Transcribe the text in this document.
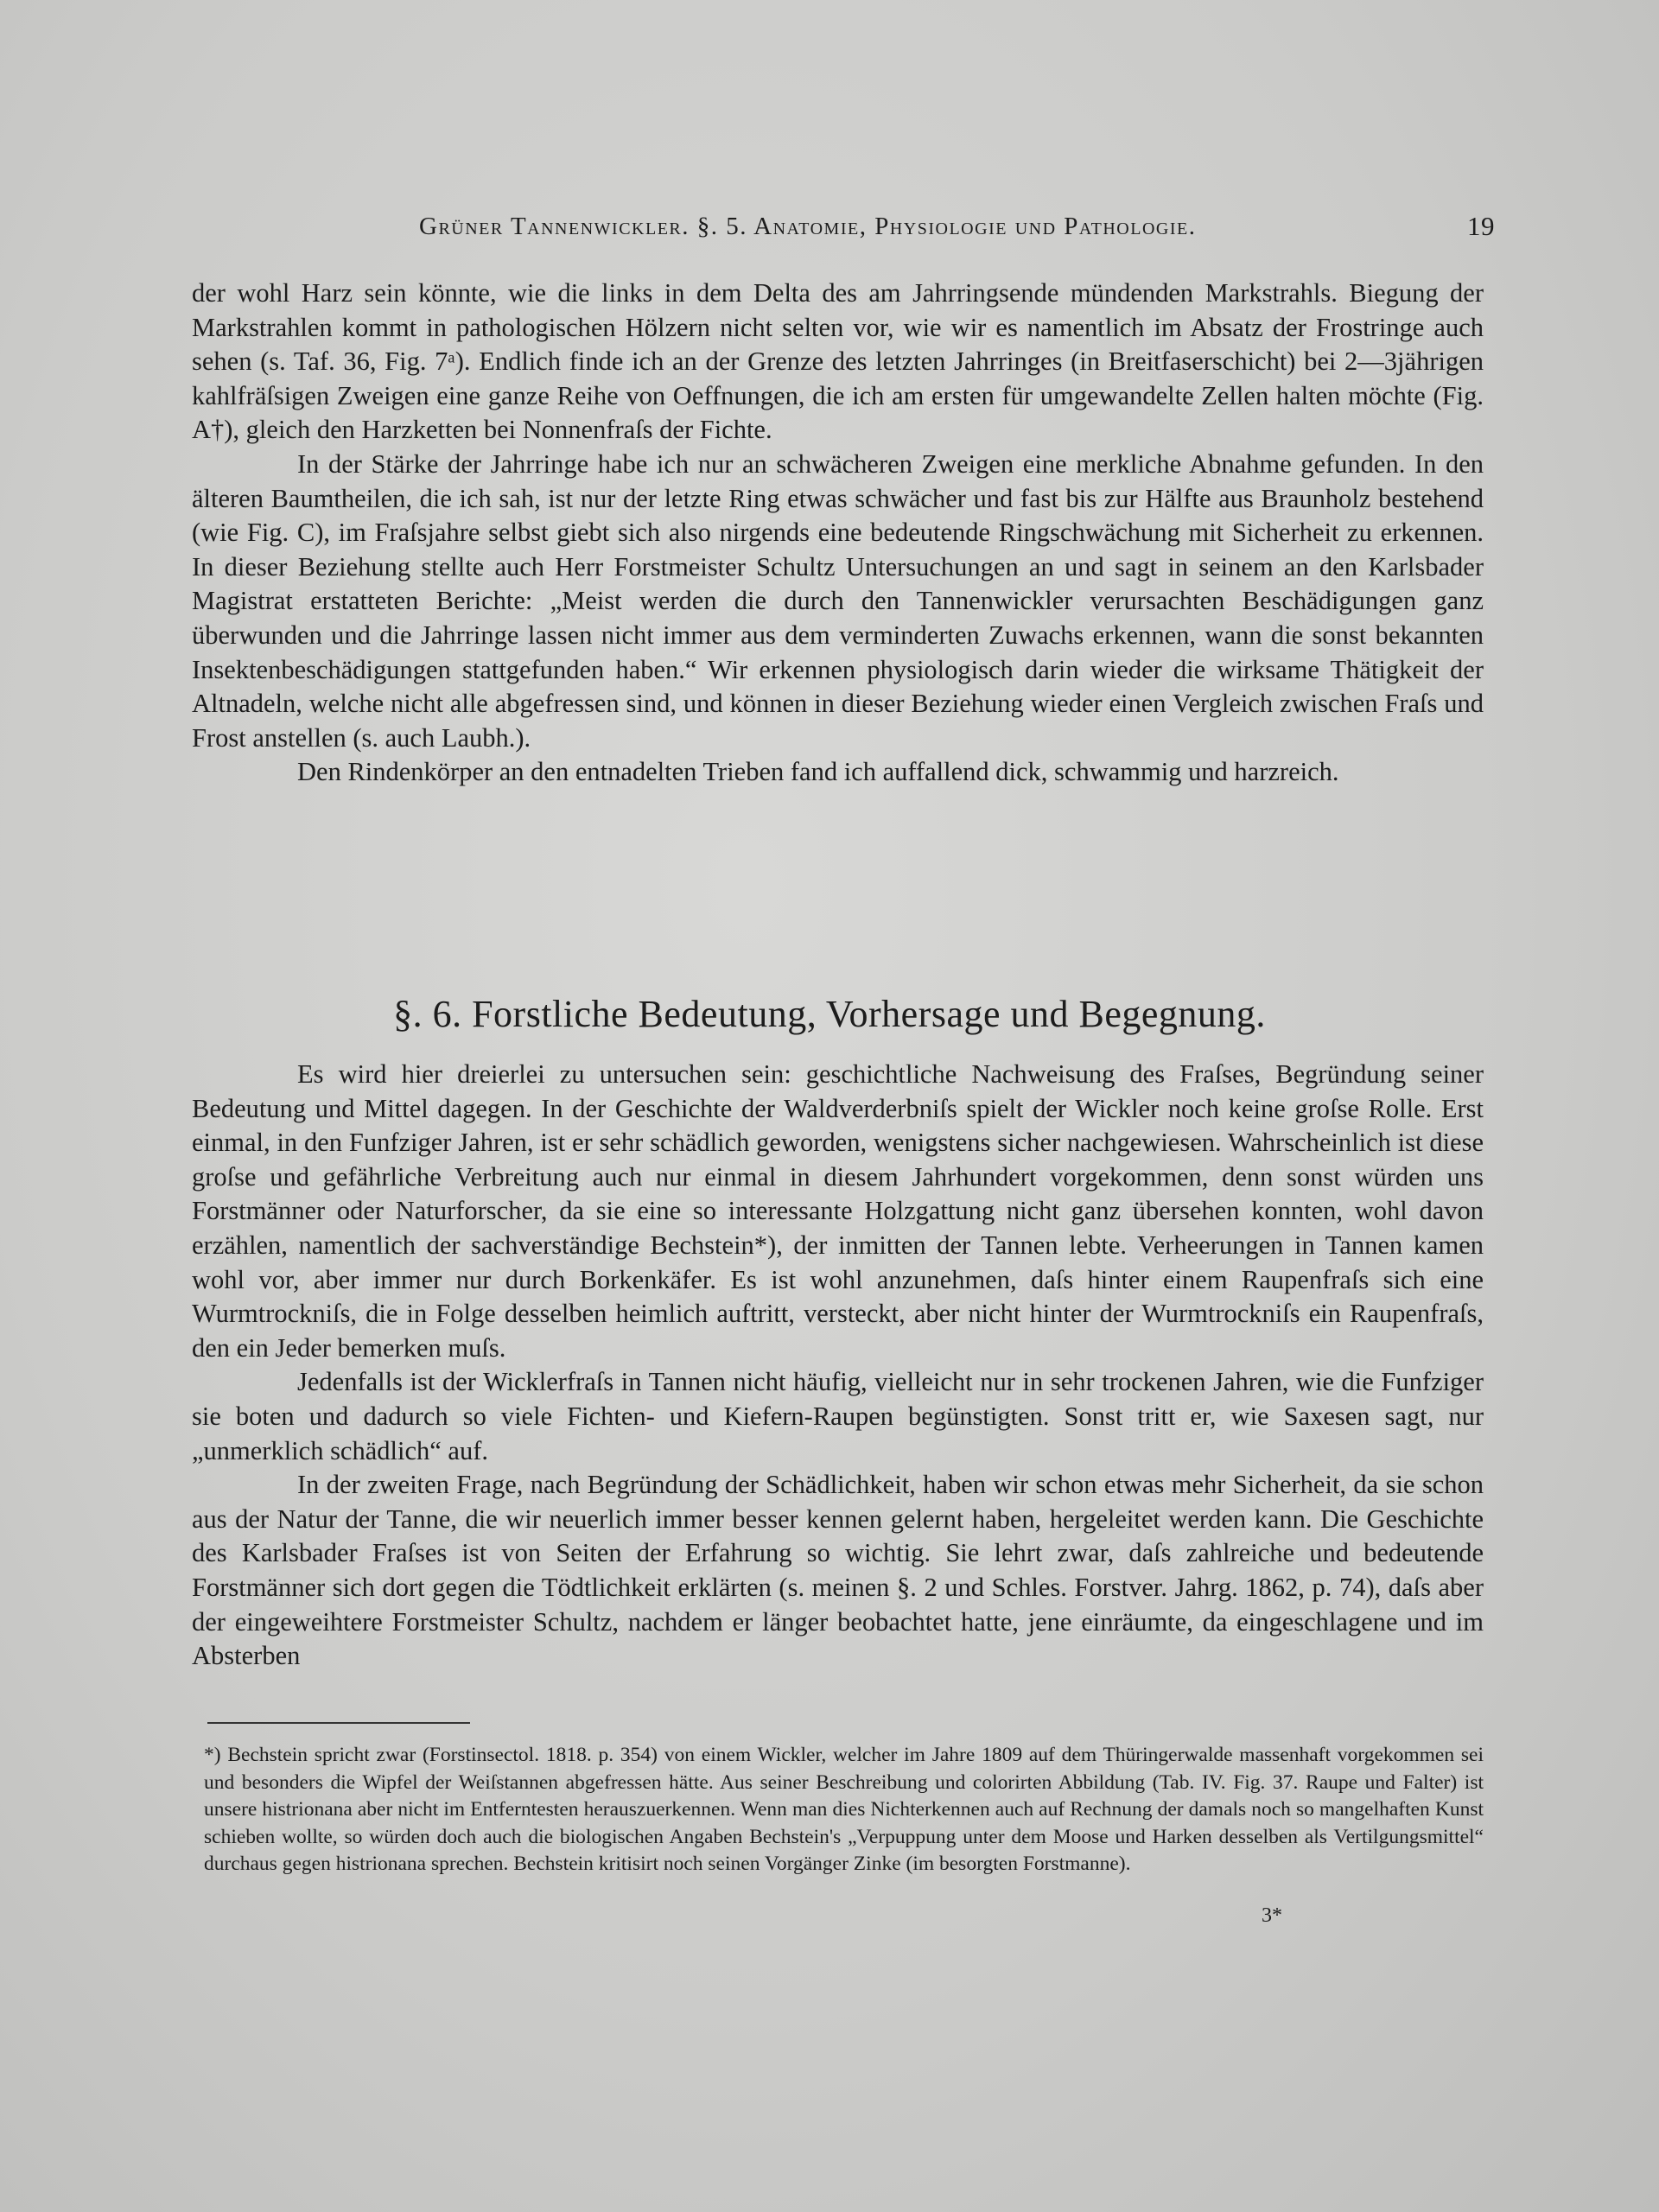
Grüner Tannenwickler. §. 5. Anatomie, Physiologie und Pathologie.	19

der wohl Harz sein könnte, wie die links in dem Delta des am Jahrringsende mündenden Markstrahls. Biegung der Markstrahlen kommt in pathologischen Hölzern nicht selten vor, wie wir es namentlich im Absatz der Frostringe auch sehen (s. Taf. 36, Fig. 7ᵃ). Endlich finde ich an der Grenze des letzten Jahrringes (in Breitfaserschicht) bei 2—3jährigen kahlfräſsigen Zweigen eine ganze Reihe von Oeffnungen, die ich am ersten für umgewandelte Zellen halten möchte (Fig. A†), gleich den Harzketten bei Nonnenfraſs der Fichte.

In der Stärke der Jahrringe habe ich nur an schwächeren Zweigen eine merkliche Abnahme gefunden. In den älteren Baumtheilen, die ich sah, ist nur der letzte Ring etwas schwächer und fast bis zur Hälfte aus Braunholz bestehend (wie Fig. C), im Fraſsjahre selbst giebt sich also nirgends eine bedeutende Ringschwächung mit Sicherheit zu erkennen. In dieser Beziehung stellte auch Herr Forstmeister Schultz Untersuchungen an und sagt in seinem an den Karlsbader Magistrat erstatteten Berichte: „Meist werden die durch den Tannenwickler verursachten Beschädigungen ganz überwunden und die Jahrringe lassen nicht immer aus dem verminderten Zuwachs erkennen, wann die sonst bekannten Insektenbeschädigungen stattgefunden haben.“ Wir erkennen physiologisch darin wieder die wirksame Thätigkeit der Altnadeln, welche nicht alle abgefressen sind, und können in dieser Beziehung wieder einen Vergleich zwischen Fraſs und Frost anstellen (s. auch Laubh.).

Den Rindenkörper an den entnadelten Trieben fand ich auffallend dick, schwammig und harzreich.

§. 6. Forstliche Bedeutung, Vorhersage und Begegnung.

Es wird hier dreierlei zu untersuchen sein: geschichtliche Nachweisung des Fraſses, Begründung seiner Bedeutung und Mittel dagegen. In der Geschichte der Waldverderbniſs spielt der Wickler noch keine groſse Rolle. Erst einmal, in den Funfziger Jahren, ist er sehr schädlich geworden, wenigstens sicher nachgewiesen. Wahrscheinlich ist diese groſse und gefährliche Verbreitung auch nur einmal in diesem Jahrhundert vorgekommen, denn sonst würden uns Forstmänner oder Naturforscher, da sie eine so interessante Holzgattung nicht ganz übersehen konnten, wohl davon erzählen, namentlich der sachverständige Bechstein*), der inmitten der Tannen lebte. Verheerungen in Tannen kamen wohl vor, aber immer nur durch Borkenkäfer. Es ist wohl anzunehmen, daſs hinter einem Raupenfraſs sich eine Wurmtrockniſs, die in Folge desselben heimlich auftritt, versteckt, aber nicht hinter der Wurmtrockniſs ein Raupenfraſs, den ein Jeder bemerken muſs.

Jedenfalls ist der Wicklerfraſs in Tannen nicht häufig, vielleicht nur in sehr trockenen Jahren, wie die Funfziger sie boten und dadurch so viele Fichten- und Kiefern-Raupen begünstigten. Sonst tritt er, wie Saxesen sagt, nur „unmerklich schädlich“ auf.

In der zweiten Frage, nach Begründung der Schädlichkeit, haben wir schon etwas mehr Sicherheit, da sie schon aus der Natur der Tanne, die wir neuerlich immer besser kennen gelernt haben, hergeleitet werden kann. Die Geschichte des Karlsbader Fraſses ist von Seiten der Erfahrung so wichtig. Sie lehrt zwar, daſs zahlreiche und bedeutende Forstmänner sich dort gegen die Tödtlichkeit erklärten (s. meinen §. 2 und Schles. Forstver. Jahrg. 1862, p. 74), daſs aber der eingeweihtere Forstmeister Schultz, nachdem er länger beobachtet hatte, jene einräumte, da eingeschlagene und im Absterben

*) Bechstein spricht zwar (Forstinsectol. 1818. p. 354) von einem Wickler, welcher im Jahre 1809 auf dem Thüringerwalde massenhaft vorgekommen sei und besonders die Wipfel der Weiſstannen abgefressen hätte. Aus seiner Beschreibung und colorirten Abbildung (Tab. IV. Fig. 37. Raupe und Falter) ist unsere histrionana aber nicht im Entferntesten herauszuerkennen. Wenn man dies Nichterkennen auch auf Rechnung der damals noch so mangelhaften Kunst schieben wollte, so würden doch auch die biologischen Angaben Bechstein's „Verpuppung unter dem Moose und Harken desselben als Vertilgungsmittel“ durchaus gegen histrionana sprechen. Bechstein kritisirt noch seinen Vorgänger Zinke (im besorgten Forstmanne).
3*
